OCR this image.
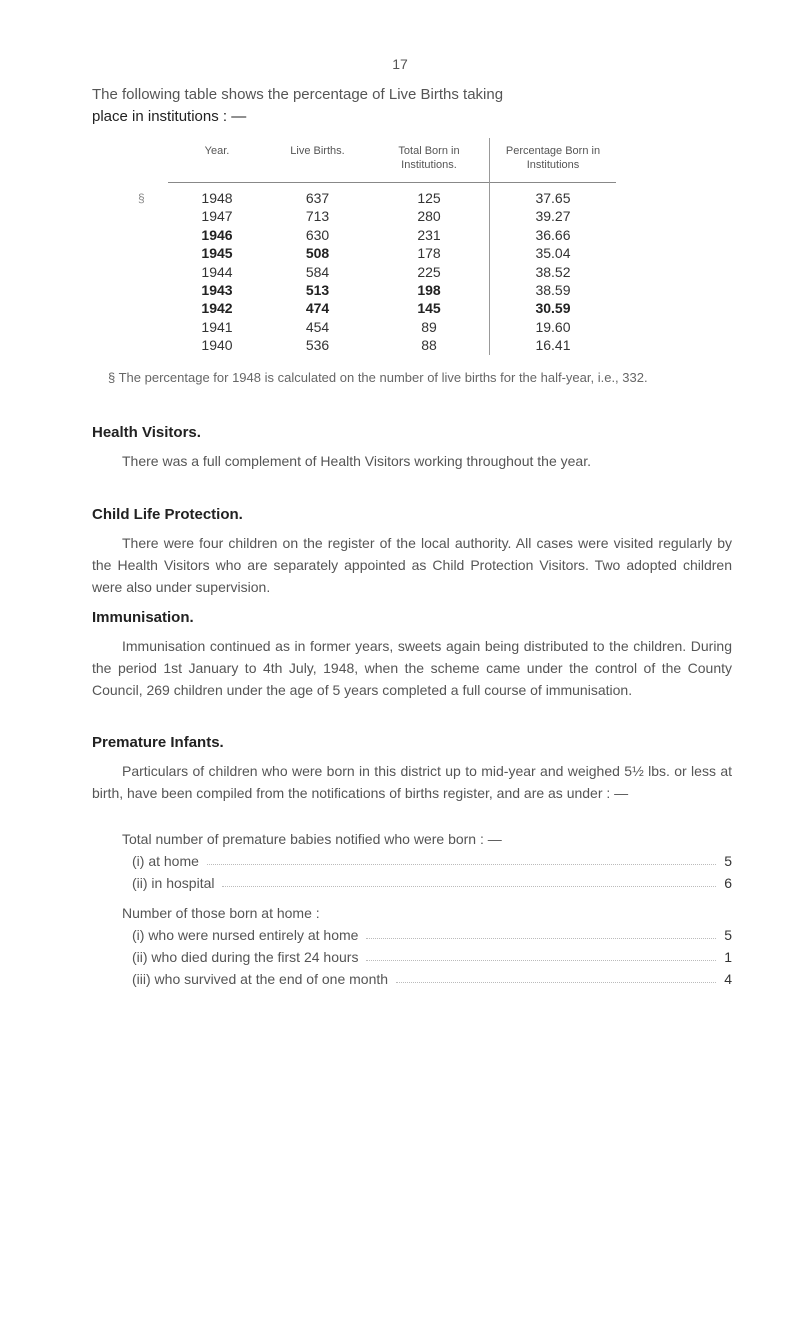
17
The following table shows the percentage of Live Births taking
place in institutions : —
Year.	Live Births.	Total Born in Institutions.	Percentage Born in Institutions

§ 1948	637	125	37.65
1947	713	280	39.27
1946	630	231	36.66
1945	508	178	35.04
1944	584	225	38.52
1943	513	198	38.59
1942	474	145	30.59
1941	454	89	19.60
1940	536	88	16.41
§ The percentage for 1948 is calculated on the number of live births for the half-year, i.e., 332.
Health Visitors.

There was a full complement of Health Visitors working throughout the year.

Child Life Protection.

There were four children on the register of the local authority. All cases were visited regularly by the Health Visitors who are separately appointed as Child Protection Visitors. Two adopted children were also under supervision.

Immunisation.

Immunisation continued as in former years, sweets again being distributed to the children. During the period 1st January to 4th July, 1948, when the scheme came under the control of the County Council, 269 children under the age of 5 years completed a full course of immunisation.

Premature Infants.

Particulars of children who were born in this district up to mid-year and weighed 5½ lbs. or less at birth, have been compiled from the notifications of births register, and are as under : —

Total number of premature babies notified who were born : —

(i) at home	5
(ii) in hospital	6

Number of those born at home :

(i) who were nursed entirely at home	5
(ii) who died during the first 24 hours	1
(iii) who survived at the end of one month	4
